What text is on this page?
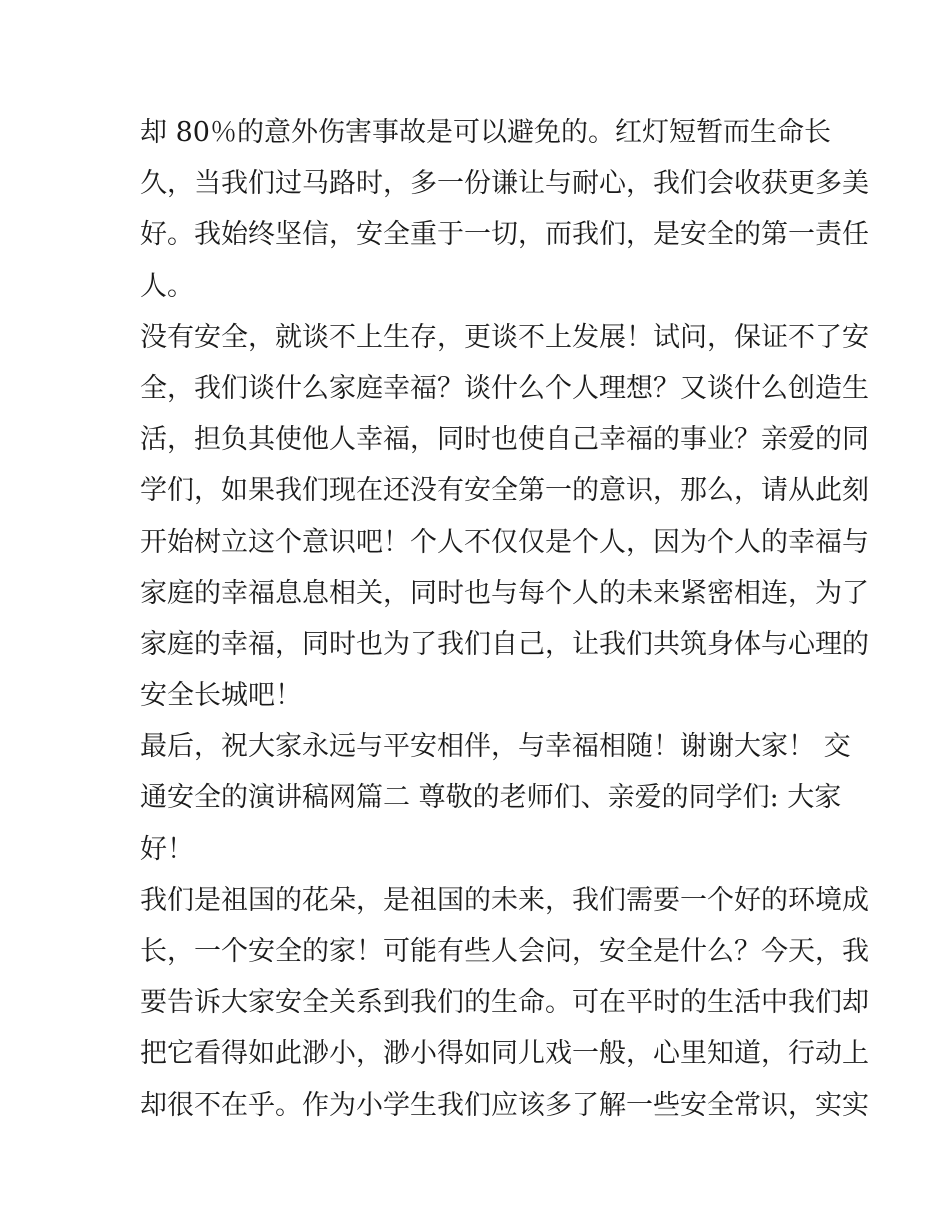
却 80％的意外伤害事故是可以避免的。红灯短暂而生命长
久，当我们过马路时，多一份谦让与耐心，我们会收获更多美
好。我始终坚信，安全重于一切，而我们，是安全的第一责任
人。
没有安全，就谈不上生存，更谈不上发展！试问，保证不了安
全，我们谈什么家庭幸福？谈什么个人理想？又谈什么创造生
活，担负其使他人幸福，同时也使自己幸福的事业？亲爱的同
学们，如果我们现在还没有安全第一的意识，那么，请从此刻
开始树立这个意识吧！个人不仅仅是个人，因为个人的幸福与
家庭的幸福息息相关，同时也与每个人的未来紧密相连，为了
家庭的幸福，同时也为了我们自己，让我们共筑身体与心理的
安全长城吧！
最后，祝大家永远与平安相伴，与幸福相随！谢谢大家！ 交
通安全的演讲稿网篇二 尊敬的老师们、亲爱的同学们: 大家
好！
我们是祖国的花朵，是祖国的未来，我们需要一个好的环境成
长，一个安全的家！可能有些人会问，安全是什么？今天，我
要告诉大家安全关系到我们的生命。可在平时的生活中我们却
把它看得如此渺小，渺小得如同儿戏一般，心里知道，行动上
却很不在乎。作为小学生我们应该多了解一些安全常识，实实
